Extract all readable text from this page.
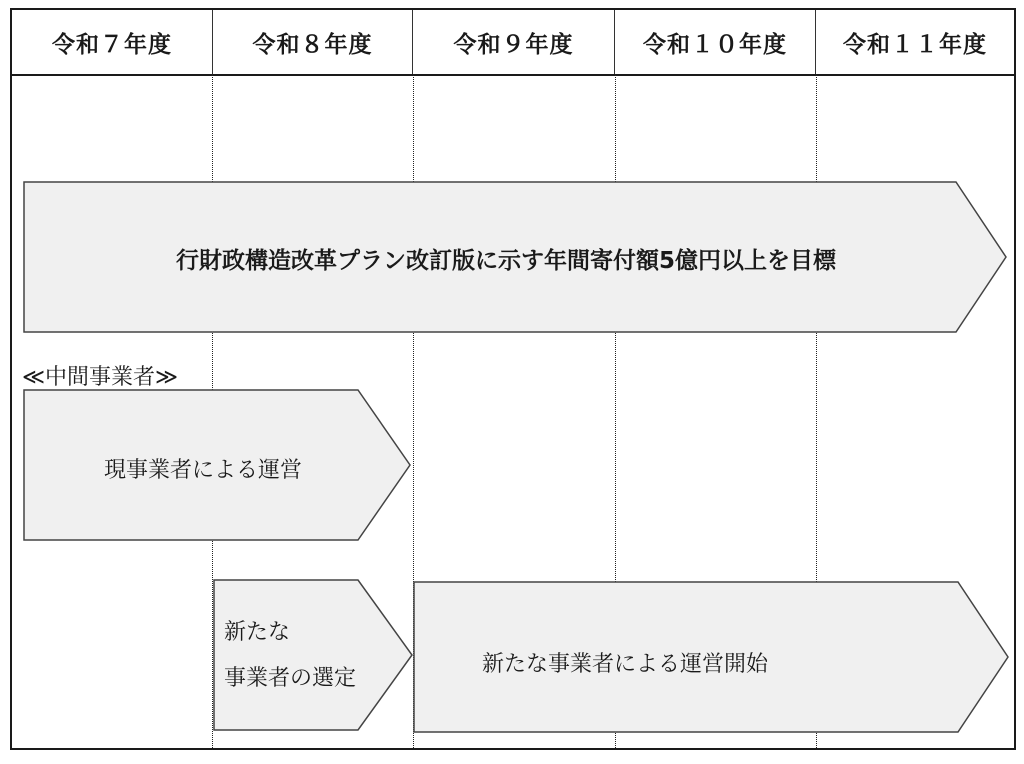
令和７年度	令和８年度	令和９年度	令和１０年度	令和１１年度
行財政構造改革プラン改訂版に示す年間寄付額5億円以上を目標
≪中間事業者≫
現事業者による運営
新たな
事業者の選定
新たな事業者による運営開始
